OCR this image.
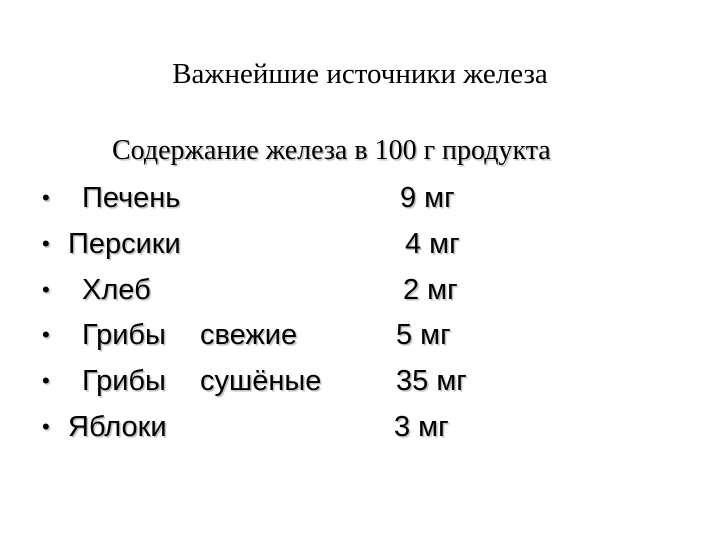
Важнейшие источники железа
Содержание железа в 100 г продукта
• Печень	9 мг
• Персики	4 мг
• Хлеб	2 мг
• Грибы свежие	5 мг
• Грибы сушёные	35 мг
• Яблоки	3 мг
